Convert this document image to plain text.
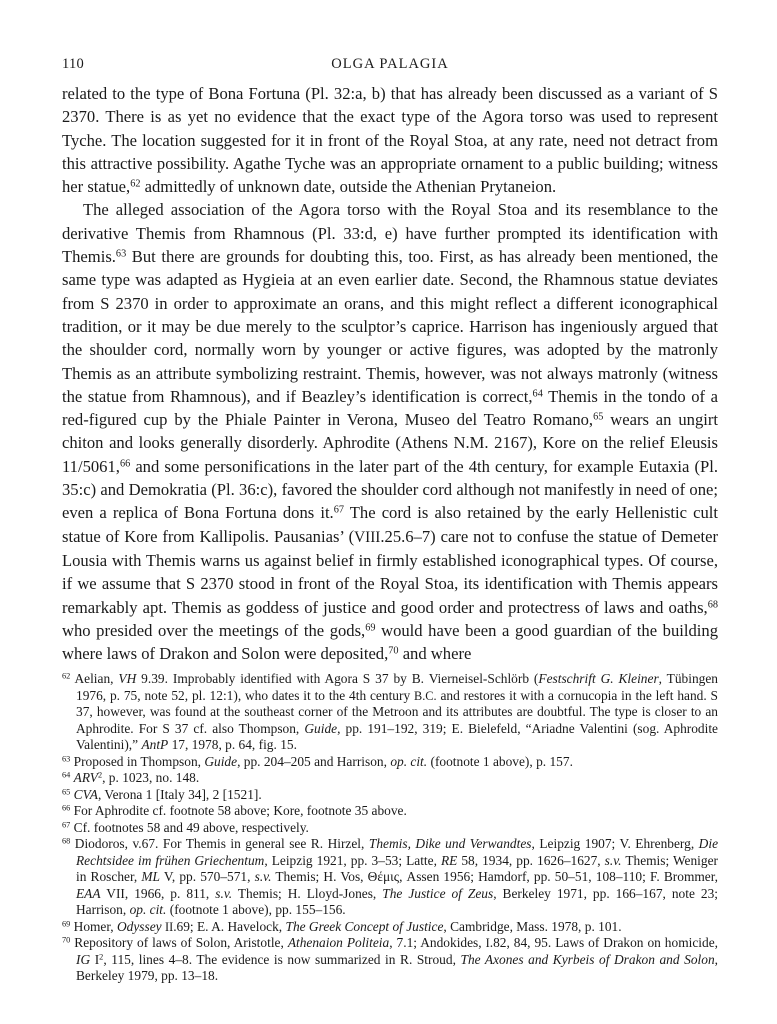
110	OLGA PALAGIA

related to the type of Bona Fortuna (Pl. 32:a, b) that has already been discussed as a variant of S 2370. There is as yet no evidence that the exact type of the Agora torso was used to represent Tyche. The location suggested for it in front of the Royal Stoa, at any rate, need not detract from this attractive possibility. Agathe Tyche was an appropriate ornament to a public building; witness her statue,$^{62}$ admittedly of unknown date, outside the Athenian Prytaneion.

The alleged association of the Agora torso with the Royal Stoa and its resemblance to the derivative Themis from Rhamnous (Pl. 33:d, e) have further prompted its identification with Themis.$^{63}$ But there are grounds for doubting this, too. First, as has already been mentioned, the same type was adapted as Hygieia at an even earlier date. Second, the Rhamnous statue deviates from S 2370 in order to approximate an orans, and this might reflect a different iconographical tradition, or it may be due merely to the sculptor’s caprice. Harrison has ingeniously argued that the shoulder cord, normally worn by younger or active figures, was adopted by the matronly Themis as an attribute symbolizing restraint. Themis, however, was not always matronly (witness the statue from Rhamnous), and if Beazley’s identification is correct,$^{64}$ Themis in the tondo of a red-figured cup by the Phiale Painter in Verona, Museo del Teatro Romano,$^{65}$ wears an ungirt chiton and looks generally disorderly. Aphrodite (Athens N.M. 2167), Kore on the relief Eleusis 11/5061,66 and some personifications in the later part of the 4th century, for example Eutaxia (Pl. 35:c) and Demokratia (Pl. 36:c), favored the shoulder cord although not manifestly in need of one; even a replica of Bona Fortuna dons it.$^{67}$ The cord is also retained by the early Hellenistic cult statue of Kore from Kallipolis. Pausanias’ (VIII.25.6–7) care not to confuse the statue of Demeter Lousia with Themis warns us against belief in firmly established iconographical types. Of course, if we assume that S 2370 stood in front of the Royal Stoa, its identification with Themis appears remarkably apt. Themis as goddess of justice and good order and protectress of laws and oaths,$^{68}$ who presided over the meetings of the gods,$^{69}$ would have been a good guardian of the building where laws of Drakon and Solon were deposited,$^{70}$ and where

$^{62}$ Aelian, VH 9.39. Improbably identified with Agora S 37 by B. Vierneisel-Schlörb (Festschrift G. Kleiner, Tübingen 1976, p. 75, note 52, pl. 12:1), who dates it to the 4th century B.C. and restores it with a cornucopia in the left hand. S 37, however, was found at the southeast corner of the Metroon and its attributes are doubtful. The type is closer to an Aphrodite. For S 37 cf. also Thompson, Guide, pp. 191–192, 319; E. Bielefeld, “Ariadne Valentini (sog. Aphrodite Valentini),” AntP 17, 1978, p. 64, fig. 15.

$^{63}$ Proposed in Thompson, Guide, pp. 204–205 and Harrison, op. cit. (footnote 1 above), p. 157.

$^{64}$ ARV$^2$, p. 1023, no. 148.

$^{65}$ CVA, Verona 1 [Italy 34], 2 [1521].

$^{66}$ For Aphrodite cf. footnote 58 above; Kore, footnote 35 above.

$^{67}$ Cf. footnotes 58 and 49 above, respectively.

$^{68}$ Diodoros, v.67. For Themis in general see R. Hirzel, Themis, Dike und Verwandtes, Leipzig 1907; V. Ehrenberg, Die Rechtsidee im frühen Griechentum, Leipzig 1921, pp. 3–53; Latte, RE 58, 1934, pp. 1626–1627, s.v. Themis; Weniger in Roscher, ML V, pp. 570–571, s.v. Themis; H. Vos, Θέμις, Assen 1956; Hamdorf, pp. 50–51, 108–110; F. Brommer, EAA VII, 1966, p. 811, s.v. Themis; H. Lloyd-Jones, The Justice of Zeus, Berkeley 1971, pp. 166–167, note 23; Harrison, op. cit. (footnote 1 above), pp. 155–156.

$^{69}$ Homer, Odyssey II.69; E. A. Havelock, The Greek Concept of Justice, Cambridge, Mass. 1978, p. 101.

$^{70}$ Repository of laws of Solon, Aristotle, Athenaion Politeia, 7.1; Andokides, I.82, 84, 95. Laws of Drakon on homicide, IG $I^2$, 115, lines 4–8. The evidence is now summarized in R. Stroud, The Axones and Kyrbeis of Drakon and Solon, Berkeley 1979, pp. 13–18.
